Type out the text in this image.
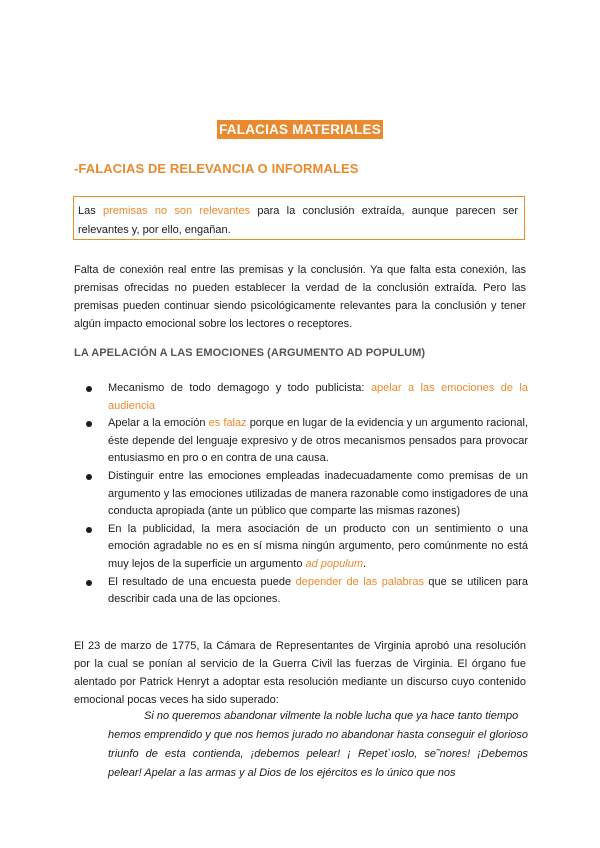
FALACIAS MATERIALES
-FALACIAS DE RELEVANCIA O INFORMALES
Las premisas no son relevantes para la conclusión extraída, aunque parecen ser relevantes y, por ello, engañan.
Falta de conexión real entre las premisas y la conclusión. Ya que falta esta conexión, las premisas ofrecidas no pueden establecer la verdad de la conclusión extraída. Pero las premisas pueden continuar siendo psicológicamente relevantes para la conclusión y tener algún impacto emocional sobre los lectores o receptores.
LA APELACIÓN A LAS EMOCIONES (ARGUMENTO AD POPULUM)
Mecanismo de todo demagogo y todo publicista: apelar a las emociones de la audiencia
Apelar a la emoción es falaz porque en lugar de la evidencia y un argumento racional, éste depende del lenguaje expresivo y de otros mecanismos pensados para provocar entusiasmo en pro o en contra de una causa.
Distinguir entre las emociones empleadas inadecuadamente como premisas de un argumento y las emociones utilizadas de manera razonable como instigadores de una conducta apropiada (ante un público que comparte las mismas razones)
En la publicidad, la mera asociación de un producto con un sentimiento o una emoción agradable no es en sí misma ningún argumento, pero comúnmente no está muy lejos de la superficie un argumento ad populum.
El resultado de una encuesta puede depender de las palabras que se utilicen para describir cada una de las opciones.
El 23 de marzo de 1775, la Cámara de Representantes de Virginia aprobó una resolución por la cual se ponían al servicio de la Guerra Civil las fuerzas de Virginia. El órgano fue alentado por Patrick Henryt a adoptar esta resolución mediante un discurso cuyo contenido emocional pocas veces ha sido superado:
Si no queremos abandonar vilmente la noble lucha que ya hace tanto tiempo
hemos emprendido y que nos hemos jurado no abandonar hasta conseguir el glorioso triunfo de esta contienda, ¡debemos pelear! ¡ Repet`ıoslo, se˜nores! ¡Debemos pelear! Apelar a las armas y al Dios de los ejércitos es lo único que nos
